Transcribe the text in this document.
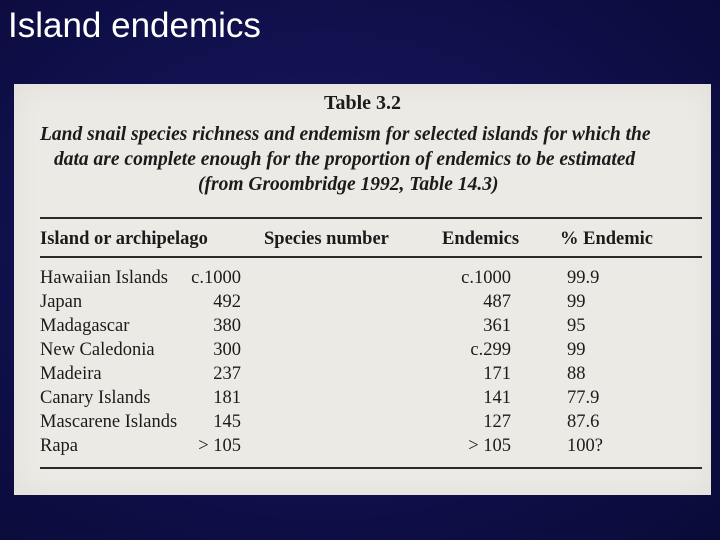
Island endemics
Table 3.2
Land snail species richness and endemism for selected islands for which the
data are complete enough for the proportion of endemics to be estimated
(from Groombridge 1992, Table 14.3)
Island or archipelago	Species number	Endemics % Endemic
Hawaiian Islands c.1000	c.1000	99.9
Japan	492	487	99
Madagascar	380	361	95
New Caledonia	300	c.299	99
Madeira	237	171	88
Canary Islands	181	141	77.9
Mascarene Islands 145	127	87.6
Rapa	> 105	> 105	100?
